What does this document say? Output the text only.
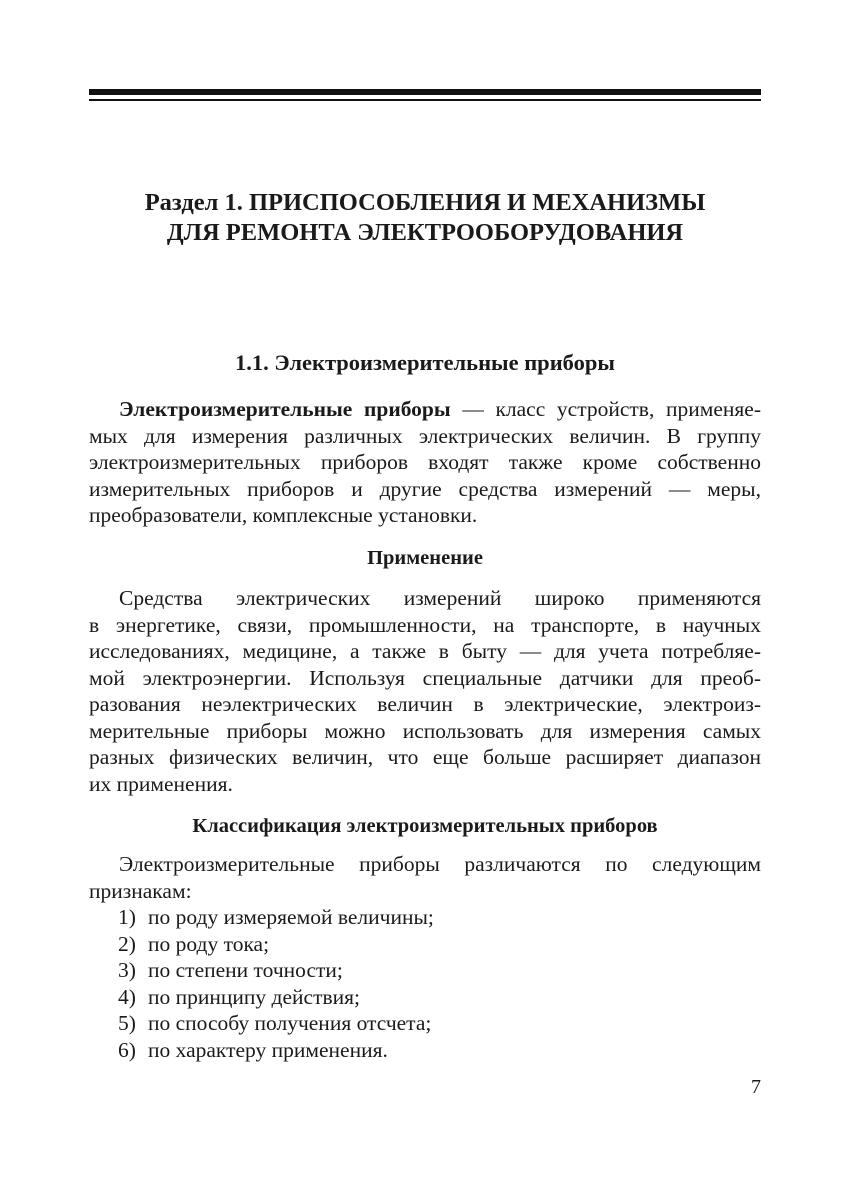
Раздел 1. ПРИСПОСОБЛЕНИЯ И МЕХАНИЗМЫ
ДЛЯ РЕМОНТА ЭЛЕКТРООБОРУДОВАНИЯ
1.1. Электроизмерительные приборы
Электроизмерительные приборы — класс устройств, применяе-
мых для измерения различных электрических величин. В группу
электроизмерительных приборов входят также кроме собственно
измерительных приборов и другие средства измерений — меры,
преобразователи, комплексные установки.
Применение
Средства электрических измерений широко применяются
в энергетике, связи, промышленности, на транспорте, в научных
исследованиях, медицине, а также в быту — для учета потребляе-
мой электроэнергии. Используя специальные датчики для преоб-
разования неэлектрических величин в электрические, электроиз-
мерительные приборы можно использовать для измерения самых
разных физических величин, что еще больше расширяет диапазон
их применения.
Классификация электроизмерительных приборов
Электроизмерительные приборы различаются по следующим
признакам:
1) по роду измеряемой величины;
2) по роду тока;
3) по степени точности;
4) по принципу действия;
5) по способу получения отсчета;
6) по характеру применения.
7
